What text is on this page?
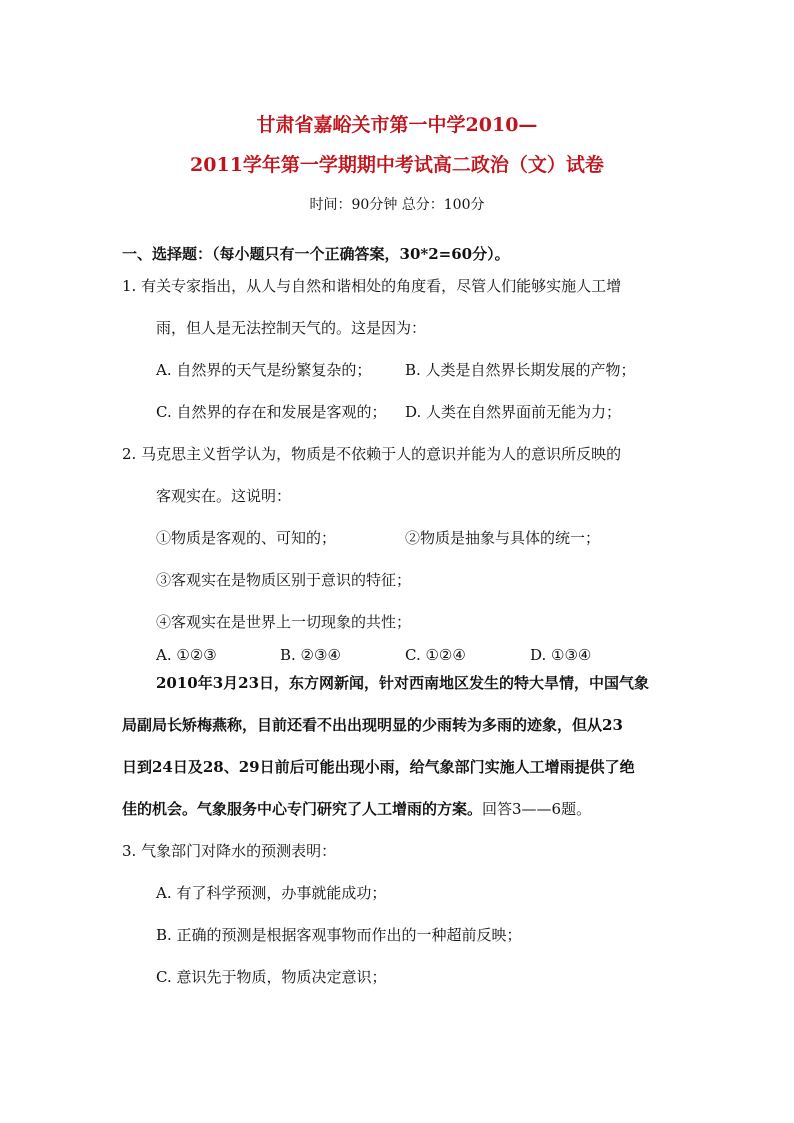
甘肃省嘉峪关市第一中学2010—
2011学年第一学期期中考试高二政治（文）试卷
时间：90分钟 总分：100分
一、选择题：（每小题只有一个正确答案，30*2=60分）。
1. 有关专家指出，从人与自然和谐相处的角度看，尽管人们能够实施人工增
雨，但人是无法控制天气的。这是因为：
A. 自然界的天气是纷繁复杂的； B. 人类是自然界长期发展的产物；
C. 自然界的存在和发展是客观的； D. 人类在自然界面前无能为力；
2. 马克思主义哲学认为，物质是不依赖于人的意识并能为人的意识所反映的
客观实在。这说明：
①物质是客观的、可知的；	②物质是抽象与具体的统一；
③客观实在是物质区别于意识的特征；
④客观实在是世界上一切现象的共性；
A. ①②③	B. ②③④	C. ①②④	D. ①③④
2010年3月23日，东方网新闻，针对西南地区发生的特大旱情，中国气象
局副局长矫梅燕称，目前还看不出出现明显的少雨转为多雨的迹象，但从23
日到24日及28、29日前后可能出现小雨，给气象部门实施人工增雨提供了绝
佳的机会。气象服务中心专门研究了人工增雨的方案。回答3——6题。
3. 气象部门对降水的预测表明：
A. 有了科学预测，办事就能成功；
B. 正确的预测是根据客观事物而作出的一种超前反映；
C. 意识先于物质，物质决定意识；
